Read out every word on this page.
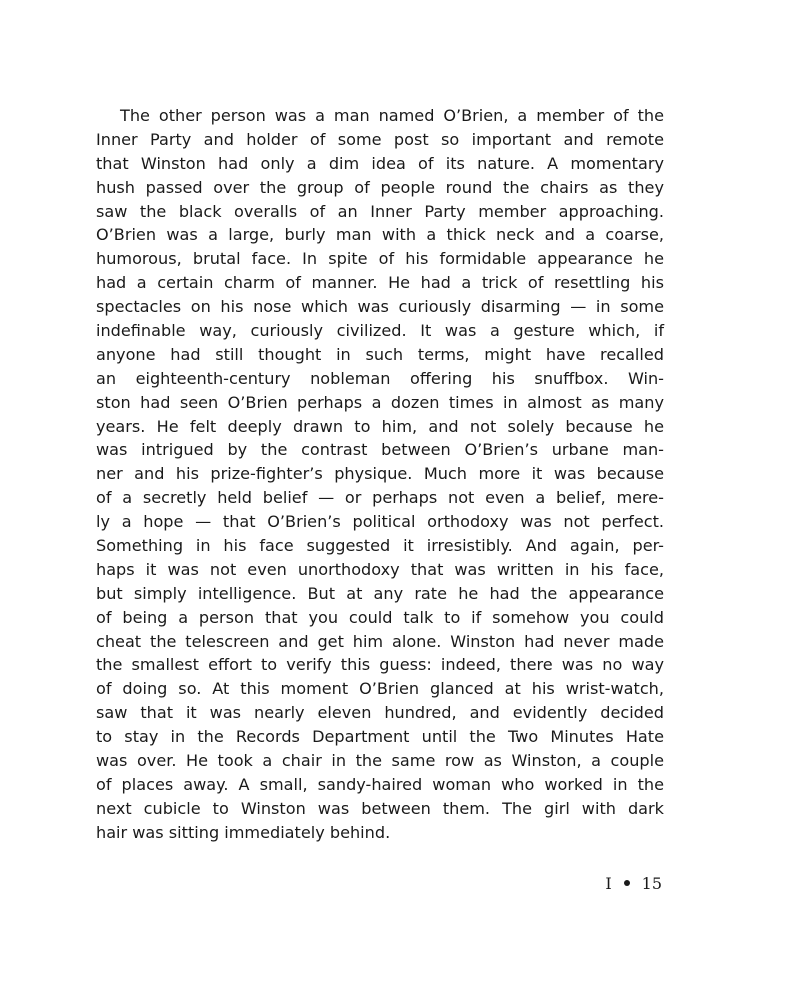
The other person was a man named O’Brien, a member of the
Inner Party and holder of some post so important and remote
that Winston had only a dim idea of its nature. A momentary
hush passed over the group of people round the chairs as they
saw the black overalls of an Inner Party member approaching.
O’Brien was a large, burly man with a thick neck and a coarse,
humorous, brutal face. In spite of his formidable appearance he
had a certain charm of manner. He had a trick of resettling his
spectacles on his nose which was curiously disarming — in some
indefinable way, curiously civilized. It was a gesture which, if
anyone had still thought in such terms, might have recalled
an eighteenth-century nobleman offering his snuffbox. Win-
ston had seen O’Brien perhaps a dozen times in almost as many
years. He felt deeply drawn to him, and not solely because he
was intrigued by the contrast between O’Brien’s urbane man-
ner and his prize-fighter’s physique. Much more it was because
of a secretly held belief — or perhaps not even a belief, mere-
ly a hope — that O’Brien’s political orthodoxy was not perfect.
Something in his face suggested it irresistibly. And again, per-
haps it was not even unorthodoxy that was written in his face,
but simply intelligence. But at any rate he had the appearance
of being a person that you could talk to if somehow you could
cheat the telescreen and get him alone. Winston had never made
the smallest effort to verify this guess: indeed, there was no way
of doing so. At this moment O’Brien glanced at his wrist-watch,
saw that it was nearly eleven hundred, and evidently decided
to stay in the Records Department until the Two Minutes Hate
was over. He took a chair in the same row as Winston, a couple
of places away. A small, sandy-haired woman who worked in the
next cubicle to Winston was between them. The girl with dark
hair was sitting immediately behind.
I 15
